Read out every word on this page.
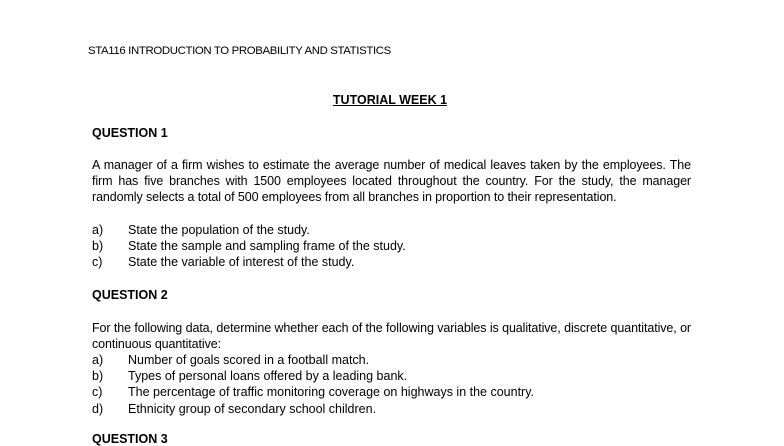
STA116 INTRODUCTION TO PROBABILITY AND STATISTICS
TUTORIAL WEEK 1
QUESTION 1
A manager of a firm wishes to estimate the average number of medical leaves taken by the employees. The firm has five branches with 1500 employees located throughout the country. For the study, the manager randomly selects a total of 500 employees from all branches in proportion to their representation.
a) State the population of the study.
b) State the sample and sampling frame of the study.
c) State the variable of interest of the study.
QUESTION 2
For the following data, determine whether each of the following variables is qualitative, discrete quantitative, or continuous quantitative:
a) Number of goals scored in a football match.
b) Types of personal loans offered by a leading bank.
c) The percentage of traffic monitoring coverage on highways in the country.
d) Ethnicity group of secondary school children.
QUESTION 3
